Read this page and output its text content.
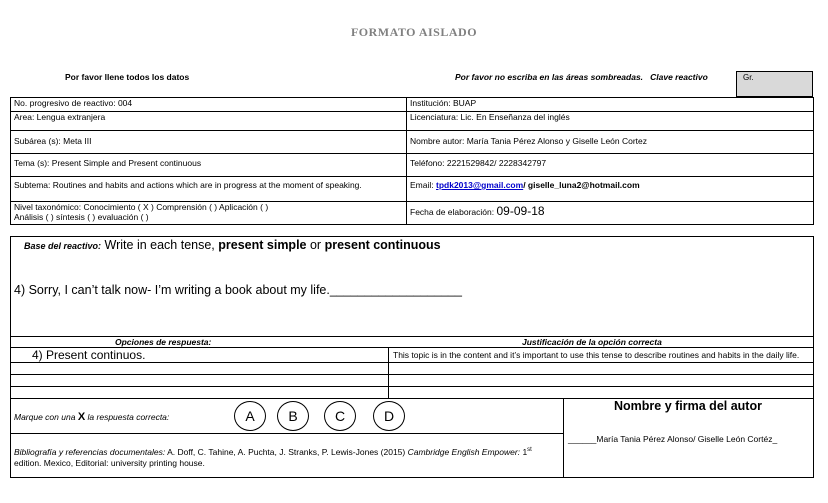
FORMATO AISLADO
Por favor llene todos los datos	Por favor no escriba en las áreas sombreadas. Clave reactivo	Gr.
No. progresivo de reactivo: 004	Institución: BUAP
Area: Lengua extranjera	Licenciatura: Lic. En Enseñanza del inglés
Subárea (s): Meta III	Nombre autor: María Tania Pérez Alonso y Giselle León Cortez
Tema (s): Present Simple and Present continuous	Teléfono: 2221529842/ 2228342797
Subtema: Routines and habits and actions which are in progress at the moment of speaking.	Email: tpdk2013@gmail.com/ giselle_luna2@hotmail.com
Nivel taxonómico: Conocimiento ( X ) Comprensión ( ) Aplicación ( )
Análisis ( ) síntesis ( ) evaluación ( )	Fecha de elaboración: 09-09-18
Base del reactivo: Write in each tense, present simple or present continuous
4) Sorry, I can’t talk now- I’m writing a book about my life.___________________
Opciones de respuesta:	Justificación de la opción correcta
4) Present continuos.	This topic is in the content and it’s important to use this tense to describe routines and habits in the daily life.
Marque con una X la respuesta correcta:	A	B	C	D
Nombre y firma del autor
______María Tania Pérez Alonso/ Giselle León Cortéz_
Bibliografía y referencias documentales: A. Doff, C. Tahine, A. Puchta, J. Stranks, P. Lewis-Jones (2015) Cambridge English Empower: 1st edition. Mexico, Editorial: university printing house.
